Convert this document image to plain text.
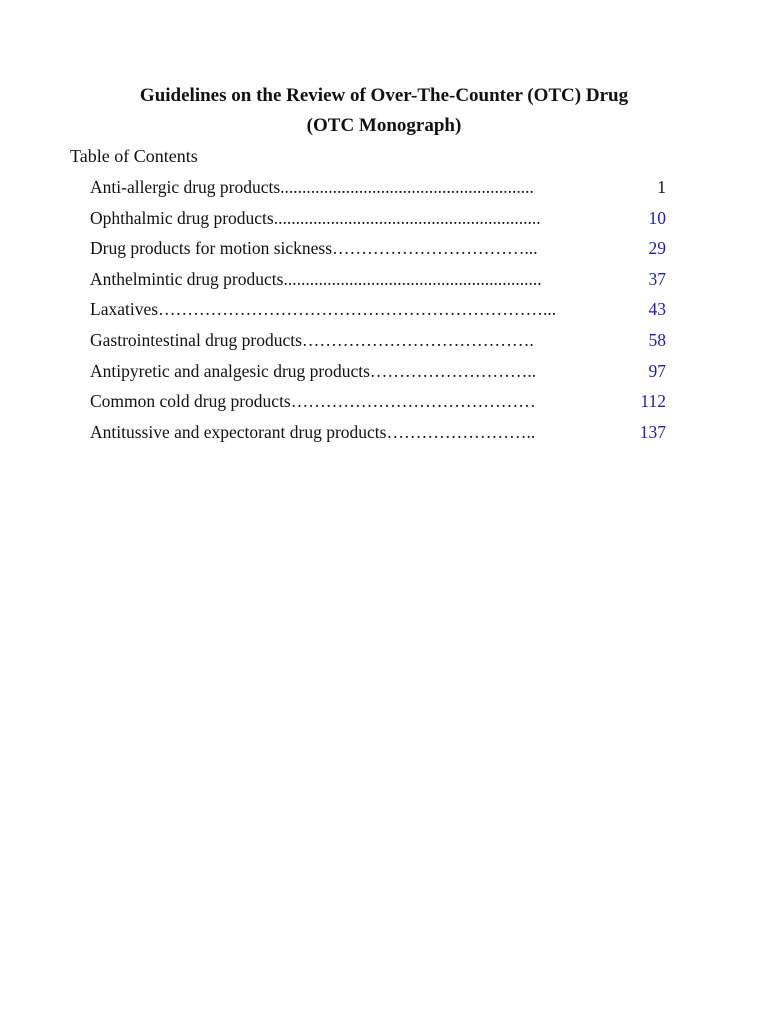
Guidelines on the Review of Over-The-Counter (OTC) Drug
(OTC Monograph)
Table of Contents
Anti-allergic drug products..........................................................	1
Ophthalmic drug products.............................................................	10
Drug products for motion sickness……………………………...	29
Anthelmintic drug products...........................................................	37
Laxatives…………………………………………………………...	43
Gastrointestinal drug products………………………………….	58
Antipyretic and analgesic drug products………………………..	97
Common cold drug products……………………………………	112
Antitussive and expectorant drug products……………………..	137
